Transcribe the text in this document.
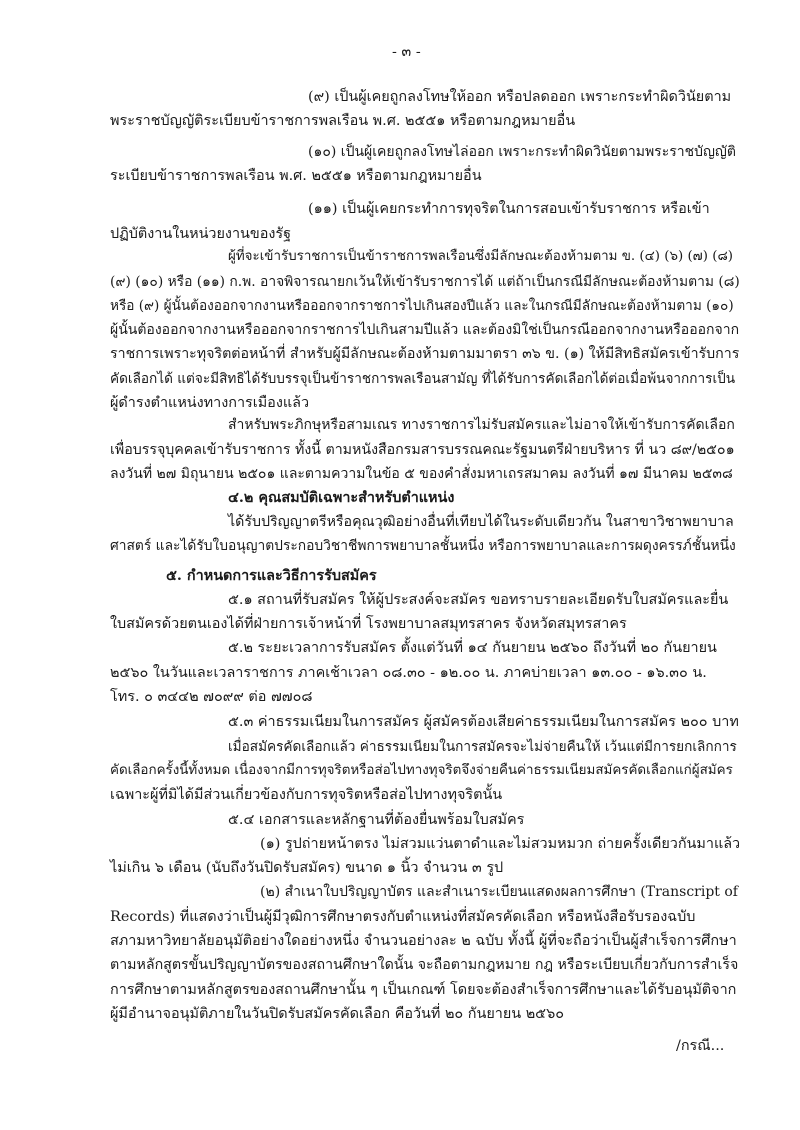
- ๓ -
(๙) เป็นผู้เคยถูกลงโทษให้ออก หรือปลดออก เพราะกระทำผิดวินัยตาม
พระราชบัญญัติระเบียบข้าราชการพลเรือน พ.ศ. ๒๕๕๑ หรือตามกฎหมายอื่น
(๑๐) เป็นผู้เคยถูกลงโทษไล่ออก เพราะกระทำผิดวินัยตามพระราชบัญญัติ
ระเบียบข้าราชการพลเรือน พ.ศ. ๒๕๕๑ หรือตามกฎหมายอื่น
(๑๑) เป็นผู้เคยกระทำการทุจริตในการสอบเข้ารับราชการ หรือเข้า
ปฏิบัติงานในหน่วยงานของรัฐ
ผู้ที่จะเข้ารับราชการเป็นข้าราชการพลเรือนซึ่งมีลักษณะต้องห้ามตาม ข. (๔) (๖) (๗) (๘)
(๙) (๑๐) หรือ (๑๑) ก.พ. อาจพิจารณายกเว้นให้เข้ารับราชการได้ แต่ถ้าเป็นกรณีมีลักษณะต้องห้ามตาม (๘)
หรือ (๙) ผู้นั้นต้องออกจากงานหรือออกจากราชการไปเกินสองปีแล้ว และในกรณีมีลักษณะต้องห้ามตาม (๑๐)
ผู้นั้นต้องออกจากงานหรือออกจากราชการไปเกินสามปีแล้ว และต้องมิใช่เป็นกรณีออกจากงานหรือออกจาก
ราชการเพราะทุจริตต่อหน้าที่ สำหรับผู้มีลักษณะต้องห้ามตามมาตรา ๓๖ ข. (๑) ให้มีสิทธิสมัครเข้ารับการ
คัดเลือกได้ แต่จะมีสิทธิได้รับบรรจุเป็นข้าราชการพลเรือนสามัญ ที่ได้รับการคัดเลือกได้ต่อเมื่อพ้นจากการเป็น
ผู้ดำรงตำแหน่งทางการเมืองแล้ว
สำหรับพระภิกษุหรือสามเณร ทางราชการไม่รับสมัครและไม่อาจให้เข้ารับการคัดเลือก
เพื่อบรรจุบุคคลเข้ารับราชการ ทั้งนี้ ตามหนังสือกรมสารบรรณคณะรัฐมนตรีฝ่ายบริหาร ที่ นว ๘๙/๒๕๐๑
ลงวันที่ ๒๗ มิถุนายน ๒๕๐๑ และตามความในข้อ ๕ ของคำสั่งมหาเถรสมาคม ลงวันที่ ๑๗ มีนาคม ๒๕๓๘
๔.๒ คุณสมบัติเฉพาะสำหรับตำแหน่ง
ได้รับปริญญาตรีหรือคุณวุฒิอย่างอื่นที่เทียบได้ในระดับเดียวกัน ในสาขาวิชาพยาบาล
ศาสตร์ และได้รับใบอนุญาตประกอบวิชาชีพการพยาบาลชั้นหนึ่ง หรือการพยาบาลและการผดุงครรภ์ชั้นหนึ่ง
๕. กำหนดการและวิธีการรับสมัคร
๕.๑ สถานที่รับสมัคร ให้ผู้ประสงค์จะสมัคร ขอทราบรายละเอียดรับใบสมัครและยื่น
ใบสมัครด้วยตนเองได้ที่ฝ่ายการเจ้าหน้าที่ โรงพยาบาลสมุทรสาคร จังหวัดสมุทรสาคร
๕.๒ ระยะเวลาการรับสมัคร ตั้งแต่วันที่ ๑๔ กันยายน ๒๕๖๐ ถึงวันที่ ๒๐ กันยายน
๒๕๖๐ ในวันและเวลาราชการ ภาคเช้าเวลา ๐๘.๓๐ - ๑๒.๐๐ น. ภาคบ่ายเวลา ๑๓.๐๐ - ๑๖.๓๐ น.
โทร. ๐ ๓๔๔๒ ๗๐๙๙ ต่อ ๗๗๐๘
๕.๓ ค่าธรรมเนียมในการสมัคร ผู้สมัครต้องเสียค่าธรรมเนียมในการสมัคร ๒๐๐ บาท
เมื่อสมัครคัดเลือกแล้ว ค่าธรรมเนียมในการสมัครจะไม่จ่ายคืนให้ เว้นแต่มีการยกเลิกการ
คัดเลือกครั้งนี้ทั้งหมด เนื่องจากมีการทุจริตหรือส่อไปทางทุจริตจึงจ่ายคืนค่าธรรมเนียมสมัครคัดเลือกแก่ผู้สมัคร
เฉพาะผู้ที่มิได้มีส่วนเกี่ยวข้องกับการทุจริตหรือส่อไปทางทุจริตนั้น
๕.๔ เอกสารและหลักฐานที่ต้องยื่นพร้อมใบสมัคร
(๑) รูปถ่ายหน้าตรง ไม่สวมแว่นตาดำและไม่สวมหมวก ถ่ายครั้งเดียวกันมาแล้ว
ไม่เกิน ๖ เดือน (นับถึงวันปิดรับสมัคร) ขนาด ๑ นิ้ว จำนวน ๓ รูป
(๒) สำเนาใบปริญญาบัตร และสำเนาระเบียนแสดงผลการศึกษา (Transcript of
Records) ที่แสดงว่าเป็นผู้มีวุฒิการศึกษาตรงกับตำแหน่งที่สมัครคัดเลือก หรือหนังสือรับรองฉบับ
สภามหาวิทยาลัยอนุมัติอย่างใดอย่างหนึ่ง จำนวนอย่างละ ๒ ฉบับ ทั้งนี้ ผู้ที่จะถือว่าเป็นผู้สำเร็จการศึกษา
ตามหลักสูตรขั้นปริญญาบัตรของสถานศึกษาใดนั้น จะถือตามกฎหมาย กฎ หรือระเบียบเกี่ยวกับการสำเร็จ
การศึกษาตามหลักสูตรของสถานศึกษานั้น ๆ เป็นเกณฑ์ โดยจะต้องสำเร็จการศึกษาและได้รับอนุมัติจาก
ผู้มีอำนาจอนุมัติภายในวันปิดรับสมัครคัดเลือก คือวันที่ ๒๐ กันยายน ๒๕๖๐
/กรณี...
